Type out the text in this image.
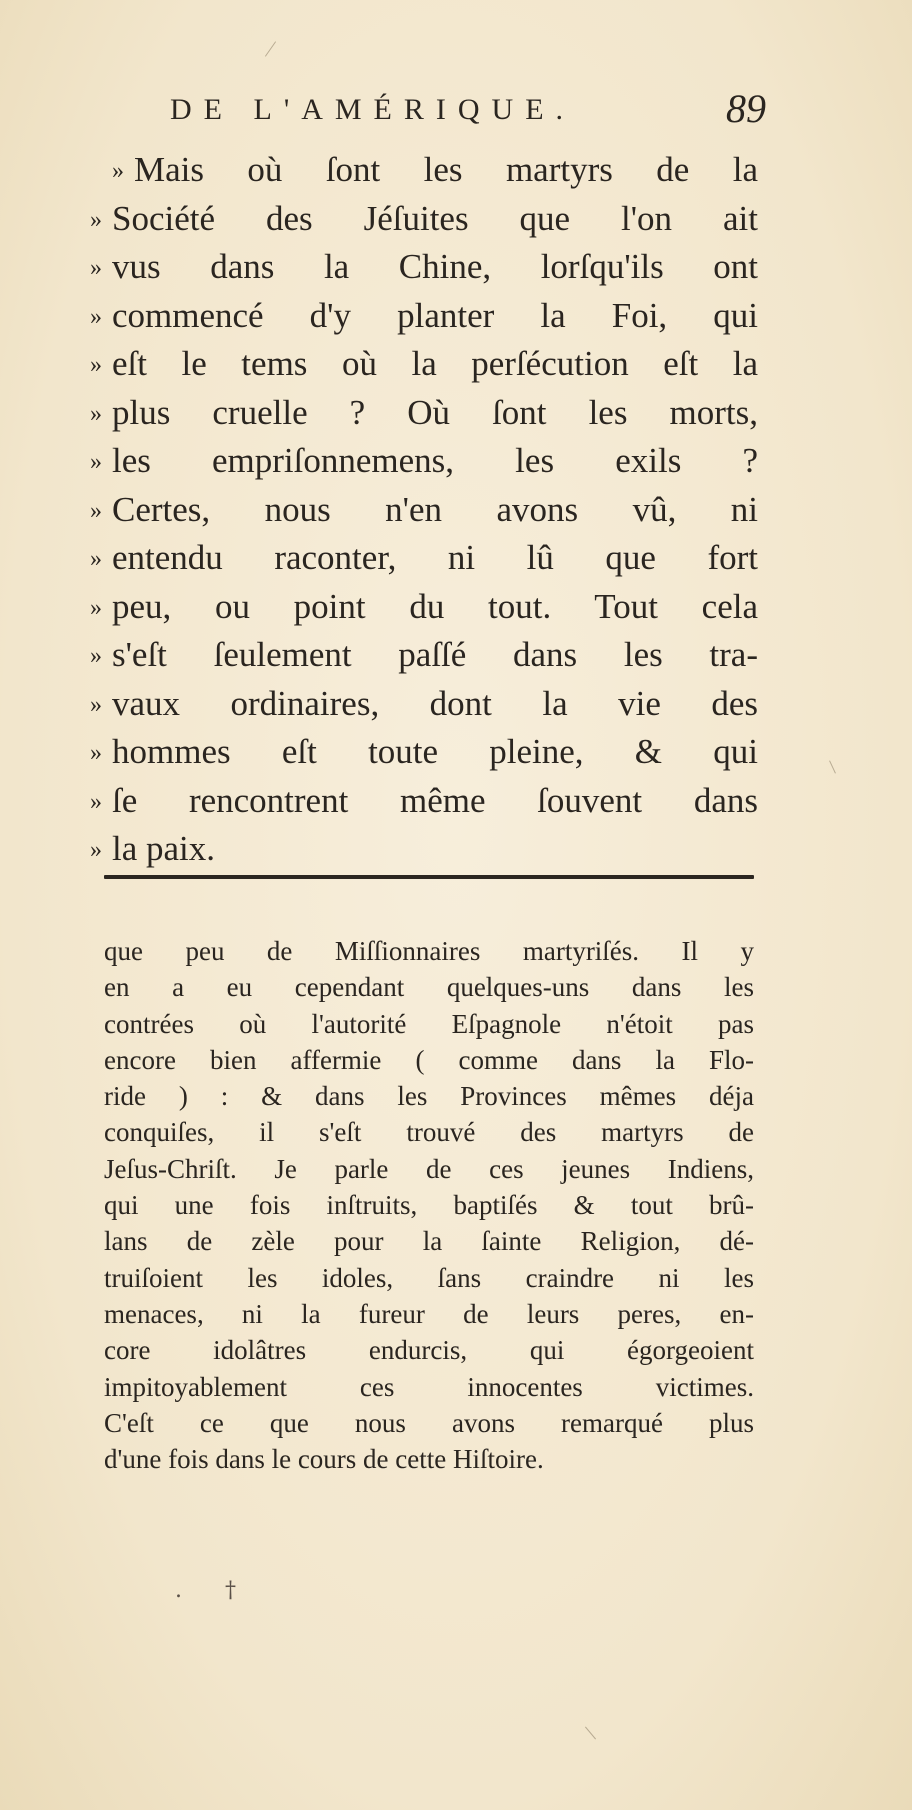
DE L'AMÉRIQUE.	89
» Mais où ſont les martyrs de la
» Société des Jéſuites que l'on ait
» vus dans la Chine, lorſqu'ils ont
» commencé d'y planter la Foi, qui
» eſt le tems où la perſécution eſt la
» plus cruelle ? Où ſont les morts,
» les empriſonnemens, les exils ?
» Certes, nous n'en avons vû, ni
» entendu raconter, ni lû que fort
» peu, ou point du tout. Tout cela
» s'eſt ſeulement paſſé dans les tra-
» vaux ordinaires, dont la vie des
» hommes eſt toute pleine, & qui
» ſe rencontrent même ſouvent dans
» la paix.
que peu de Miſſionnaires martyriſés. Il y
en a eu cependant quelques-uns dans les
contrées où l'autorité Eſpagnole n'étoit pas
encore bien affermie ( comme dans la Flo-
ride ) : & dans les Provinces mêmes déja
conquiſes, il s'eſt trouvé des martyrs de
Jeſus-Chriſt. Je parle de ces jeunes Indiens,
qui une fois inſtruits, baptiſés & tout brû-
lans de zèle pour la ſainte Religion, dé-
truiſoient les idoles, ſans craindre ni les
menaces, ni la fureur de leurs peres, en-
core idolâtres endurcis, qui égorgeoient
impitoyablement ces innocentes victimes.
C'eſt ce que nous avons remarqué plus
d'une fois dans le cours de cette Hiſtoire.
. †
